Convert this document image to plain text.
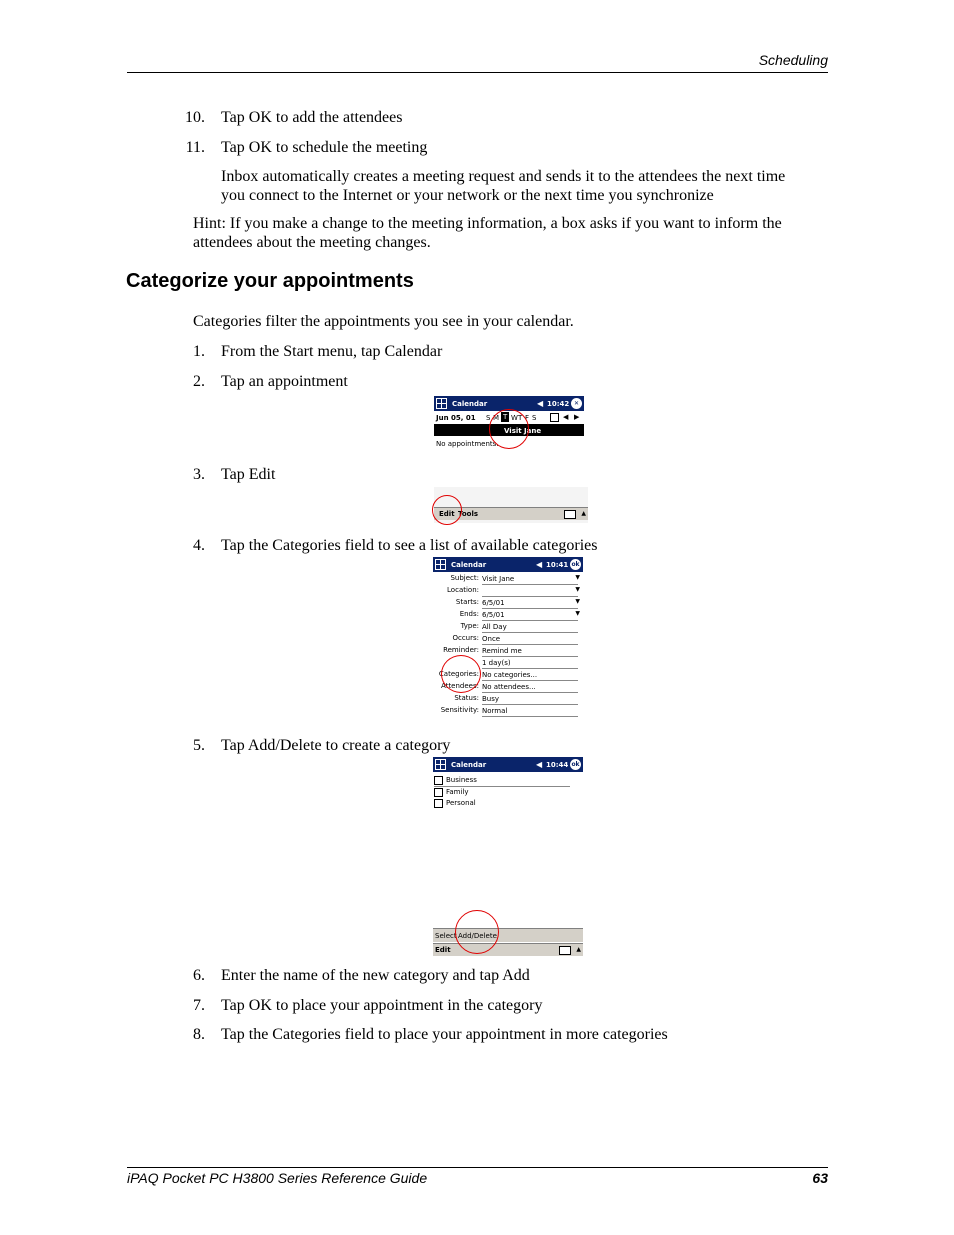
Scheduling
10. Tap OK to add the attendees
11. Tap OK to schedule the meeting
Inbox automatically creates a meeting request and sends it to the attendees the next time
you connect to the Internet or your network or the next time you synchronize
Hint: If you make a change to the meeting information, a box asks if you want to inform the
attendees about the meeting changes.
Categorize your appointments
Categories filter the appointments you see in your calendar.
1. From the Start menu, tap Calendar
2. Tap an appointment
Calendar	◀ 10:42 ✕
Jun 05, 01 S M T W T F S	◀ ▶
Visit Jane
No appointments.
3. Tap Edit
Edit Tools	▲
4. Tap the Categories field to see a list of available categories
Calendar	◀ 10:41 ok
Subject: Visit Jane	▼
Location:	▼
Starts: 6/5/01	▼
Ends: 6/5/01	▼
Type: All Day
Occurs: Once
Reminder: Remind me
1 day(s)
Categories: No categories...
Attendees: No attendees...
Status: Busy
Sensitivity: Normal
5. Tap Add/Delete to create a category
Calendar	◀ 10:44 ok
Business
Family
Personal
Select Add/Delete
Edit	▲
6. Enter the name of the new category and tap Add
7. Tap OK to place your appointment in the category
8. Tap the Categories field to place your appointment in more categories
iPAQ Pocket PC H3800 Series Reference Guide	63
